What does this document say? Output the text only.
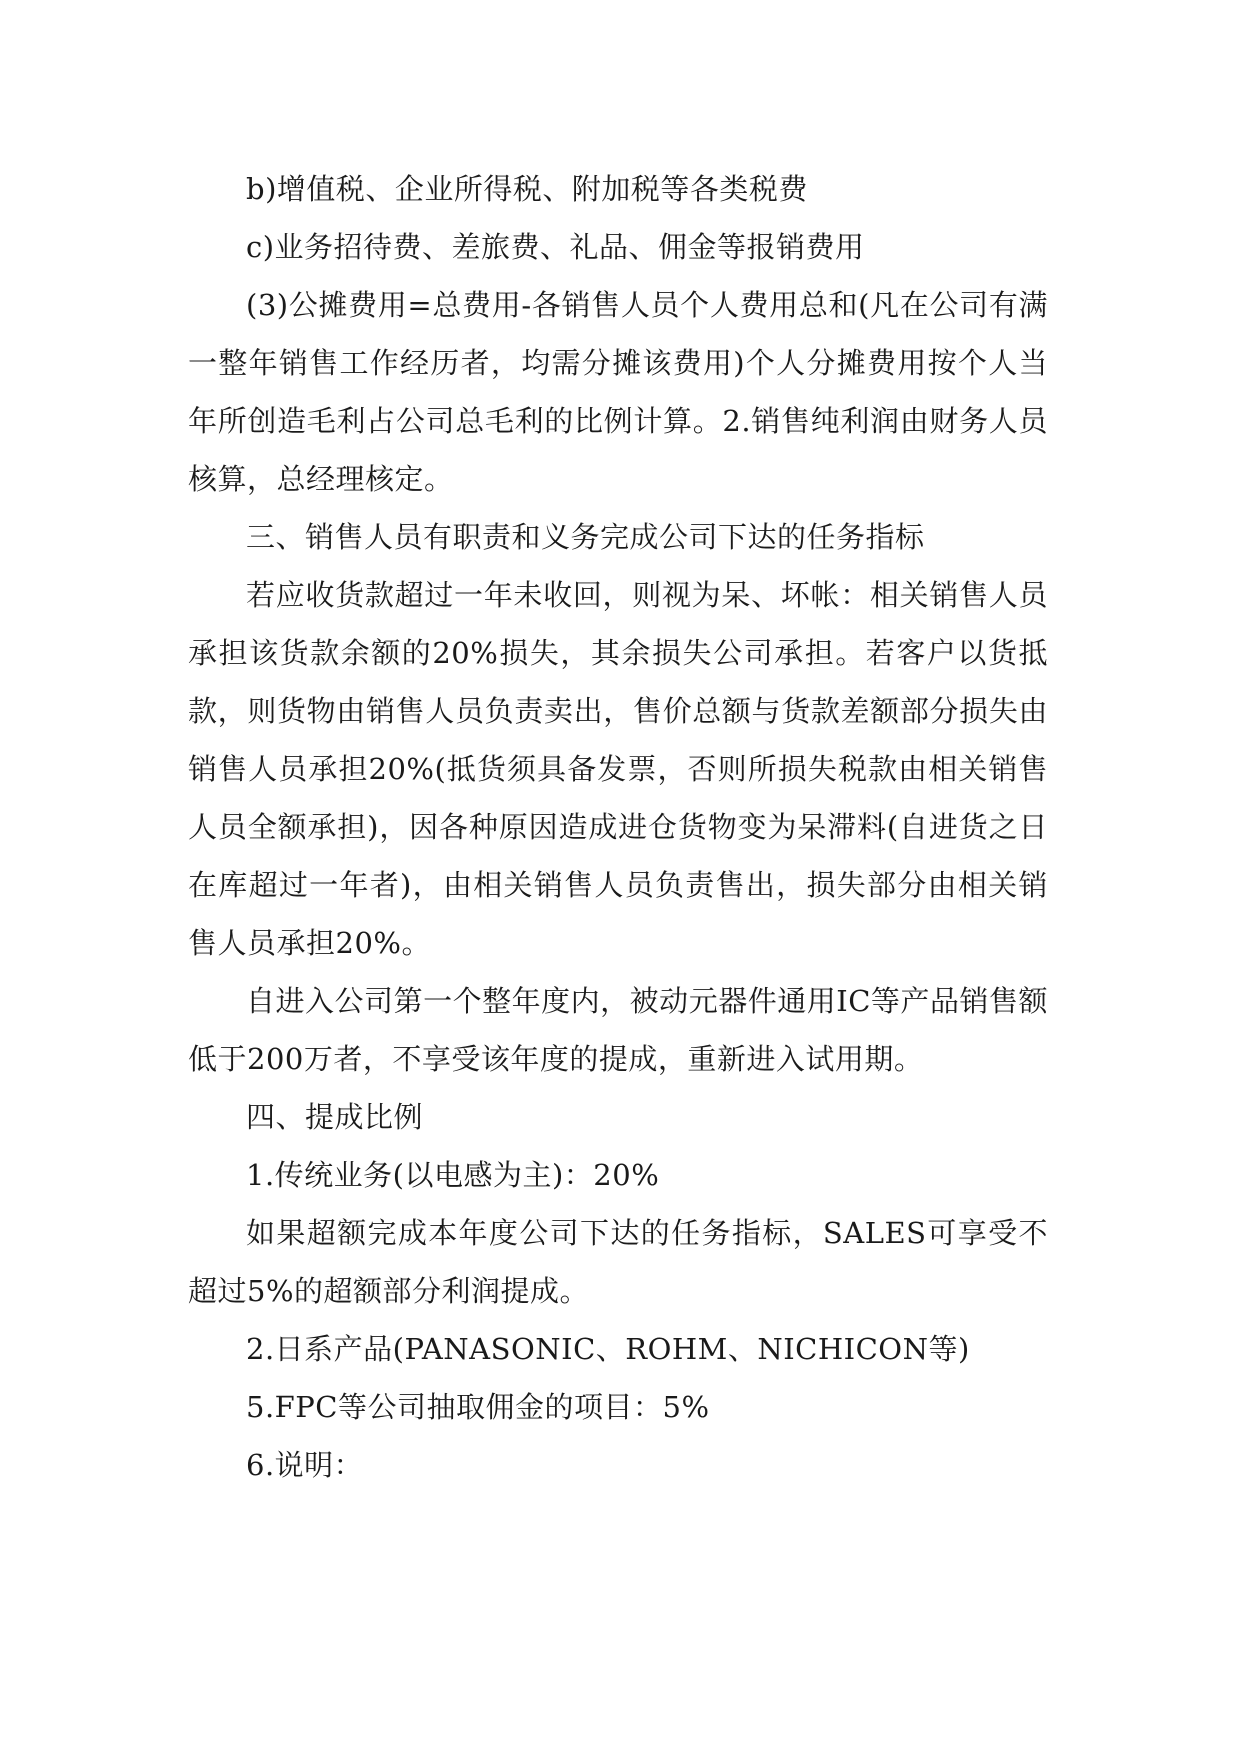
b)增值税、企业所得税、附加税等各类税费

c)业务招待费、差旅费、礼品、佣金等报销费用

(3)公摊费用=总费用-各销售人员个人费用总和(凡在公司有满一整年销售工作经历者，均需分摊该费用)个人分摊费用按个人当年所创造毛利占公司总毛利的比例计算。2.销售纯利润由财务人员核算，总经理核定。

三、销售人员有职责和义务完成公司下达的任务指标

若应收货款超过一年未收回，则视为呆、坏帐：相关销售人员承担该货款余额的20%损失，其余损失公司承担。若客户以货抵款，则货物由销售人员负责卖出，售价总额与货款差额部分损失由销售人员承担20%(抵货须具备发票，否则所损失税款由相关销售人员全额承担)，因各种原因造成进仓货物变为呆滞料(自进货之日在库超过一年者)，由相关销售人员负责售出，损失部分由相关销售人员承担20%。

自进入公司第一个整年度内，被动元器件通用IC等产品销售额低于200万者，不享受该年度的提成，重新进入试用期。

四、提成比例

1.传统业务(以电感为主)：20%

如果超额完成本年度公司下达的任务指标，SALES可享受不超过5%的超额部分利润提成。

2.日系产品(PANASONIC、ROHM、NICHICON等)

5.FPC等公司抽取佣金的项目：5%

6.说明：
